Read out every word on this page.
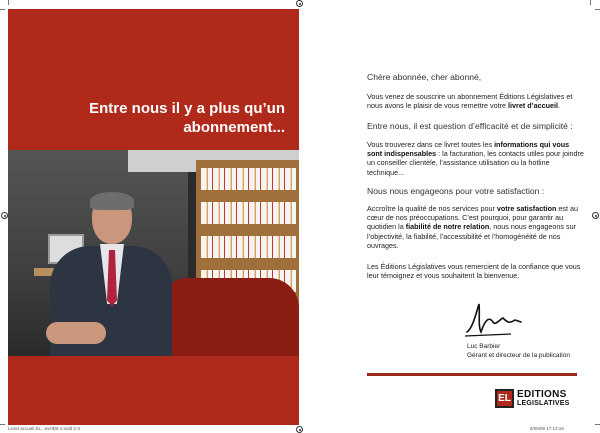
Entre nous il y a plus qu’un
abonnement...

Chère abonnée, cher abonné,

Vous venez de souscrire un abonnement Éditions Législatives et nous avons le plaisir de vous remettre votre livret d’accueil.

Entre nous, il est question d’efficacité et de simplicité :

Vous trouverez dans ce livret toutes les informations qui vous sont indispensables : la facturation, les contacts utiles pour joindre un conseiller clientèle, l’assistance utilisation ou la hotline technique...

Nous nous engageons pour votre satisfaction :

Accroître la qualité de nos services pour votre satisfaction est au cœur de nos préoccupations. C’est pourquoi, pour garantir au quotidien la fiabilité de notre relation, nous nous engageons sur l’objectivité, la fiabilité, l’accessibilité et l’homogénéité de nos ouvrages.

Les Éditions Législatives vous remercient de la confiance que vous leur témoignez et vous souhaitent la bienvenue.

Luc Barbier
Gérant et directeur de la publication
EL EDITIONS
LEGISLATIVES
Livret accueil EL...evHD6 V.indd 2-3	6/05/09 17:13:19
